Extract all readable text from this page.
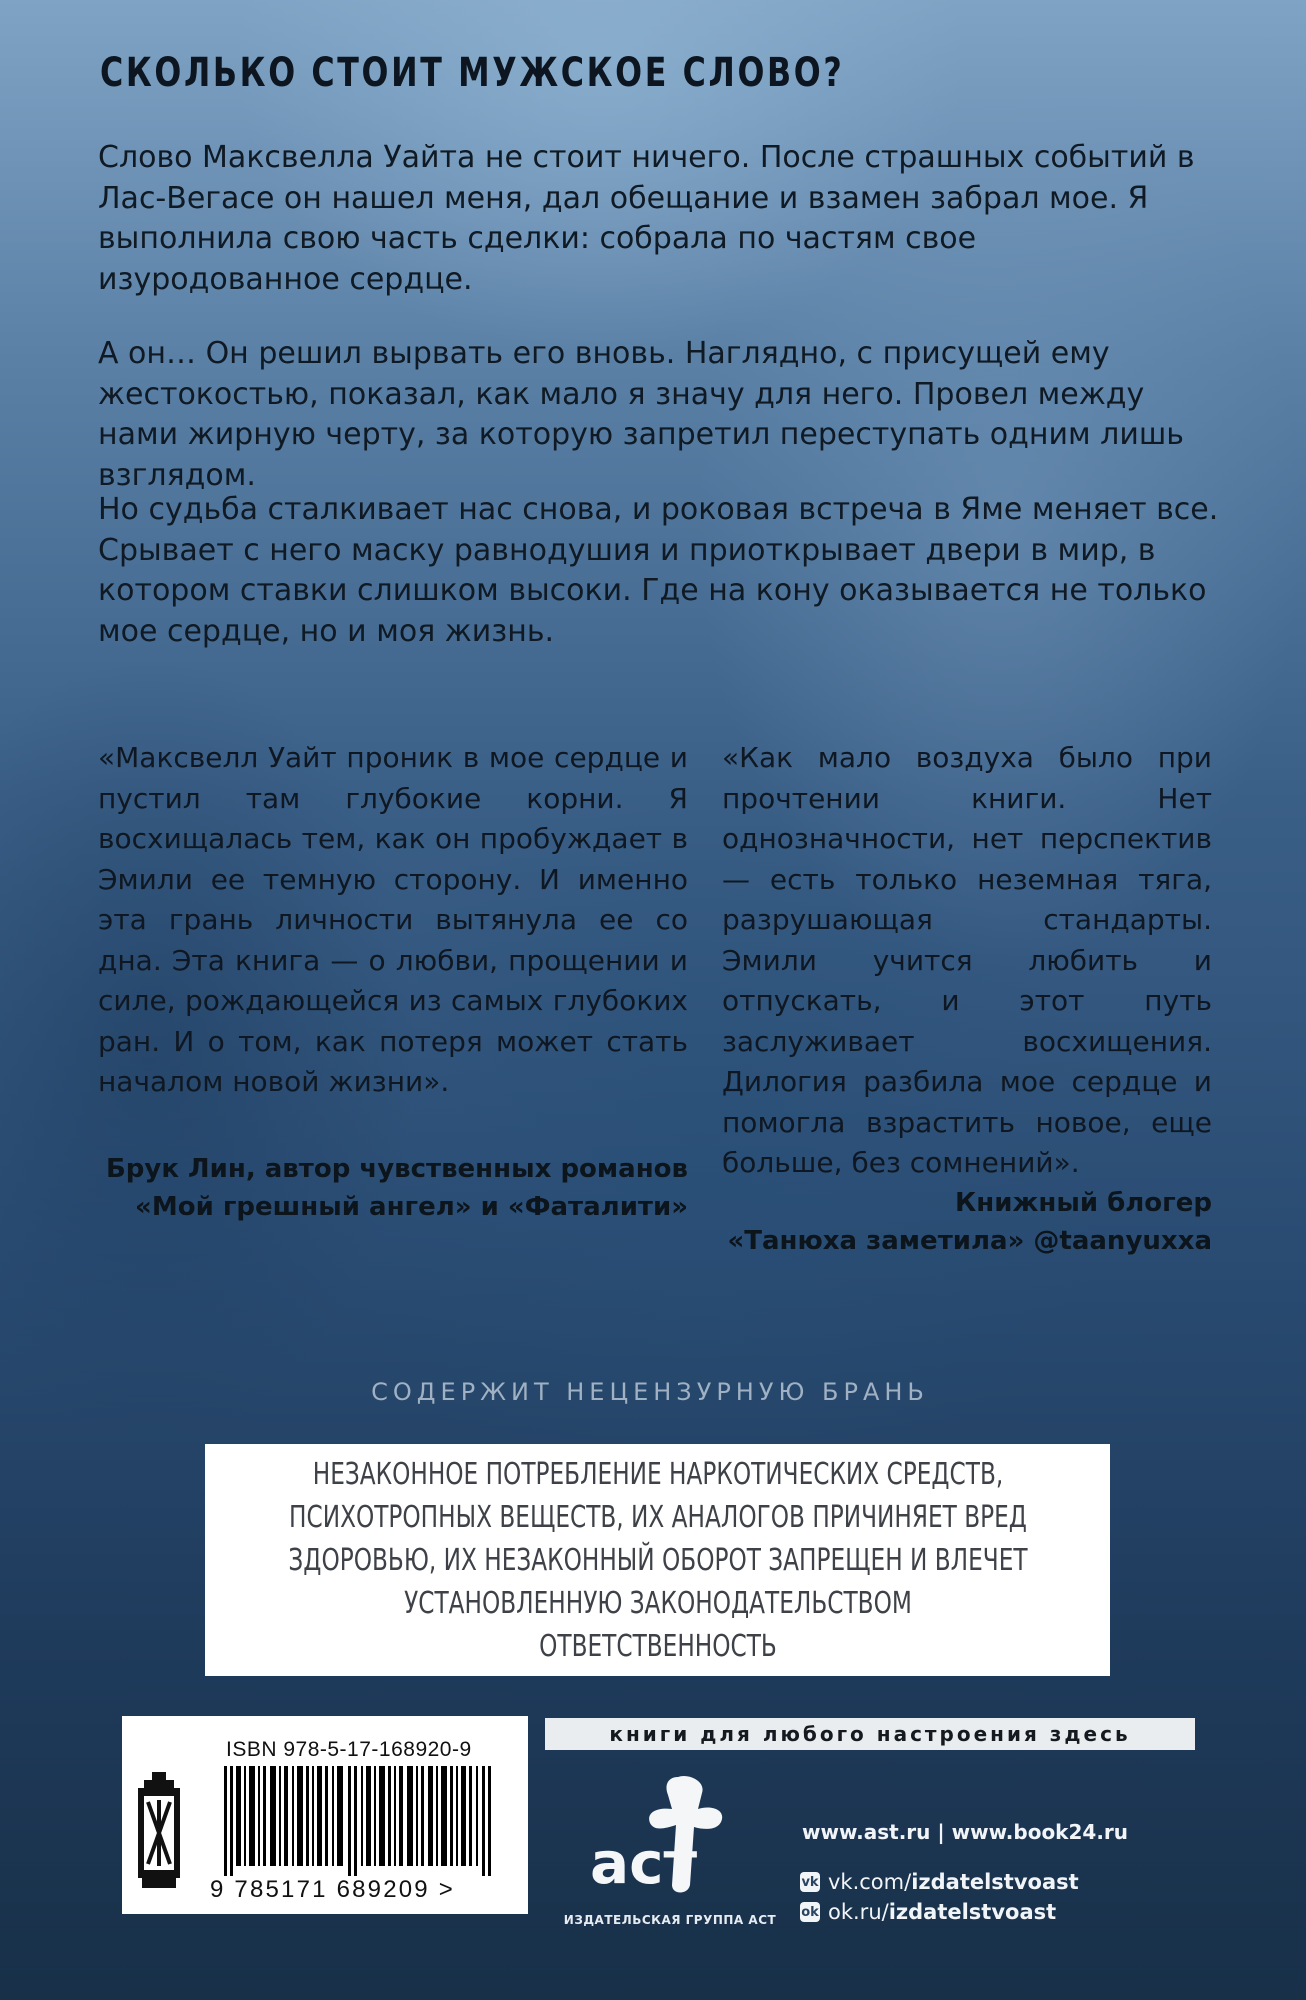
СКОЛЬКО СТОИТ МУЖСКОЕ СЛОВО?

Слово Максвелла Уайта не стоит ничего. После страшных событий в Лас-Вегасе он нашел меня, дал обещание и взамен забрал мое. Я выполнила свою часть сделки: собрала по частям свое изуродованное сердце.

А он… Он решил вырвать его вновь. Наглядно, с присущей ему жестокостью, показал, как мало я значу для него. Провел между нами жирную черту, за которую запретил переступать одним лишь взглядом.

Но судьба сталкивает нас снова, и роковая встреча в Яме меняет все. Срывает с него маску равнодушия и приоткрывает двери в мир, в котором ставки слишком высоки. Где на кону оказывается не только мое сердце, но и моя жизнь.

«Максвелл Уайт проник в мое сердце и пустил там глубокие корни. Я восхищалась тем, как он пробуждает в Эмили ее темную сторону. И именно эта грань личности вытянула ее со дна. Эта книга — о любви, прощении и силе, рождающейся из самых глубоких ран. И о том, как потеря может стать началом новой жизни».

Брук Лин, автор чувственных романов
«Мой грешный ангел» и «Фаталити»

«Как мало воздуха было при прочтении книги. Нет однозначности, нет перспектив — есть только неземная тяга, разрушающая стандарты. Эмили учится любить и отпускать, и этот путь заслуживает восхищения. Дилогия разбила мое сердце и помогла взрастить новое, еще больше, без сомнений».

Книжный блогер
«Танюха заметила» @taanyuxxa

СОДЕРЖИТ НЕЦЕНЗУРНУЮ БРАНЬ

НЕЗАКОННОЕ ПОТРЕБЛЕНИЕ НАРКОТИЧЕСКИХ СРЕДСТВ, ПСИХОТРОПНЫХ ВЕЩЕСТВ, ИХ АНАЛОГОВ ПРИЧИНЯЕТ ВРЕД ЗДОРОВЬЮ, ИХ НЕЗАКОННЫЙ ОБОРОТ ЗАПРЕЩЕН И ВЛЕЧЕТ УСТАНОВЛЕННУЮ ЗАКОНОДАТЕЛЬСТВОМ ОТВЕТСТВЕННОСТЬ
ISBN 978-5-17-168920-9
9 785171 689209 >
книги для любого настроения здесь
аст
ИЗДАТЕЛЬСКАЯ ГРУППА АСТ
www.ast.ru | www.book24.ru
vk vk.com/ izdatelstvoast
ok ok.ru/ izdatelstvoast
